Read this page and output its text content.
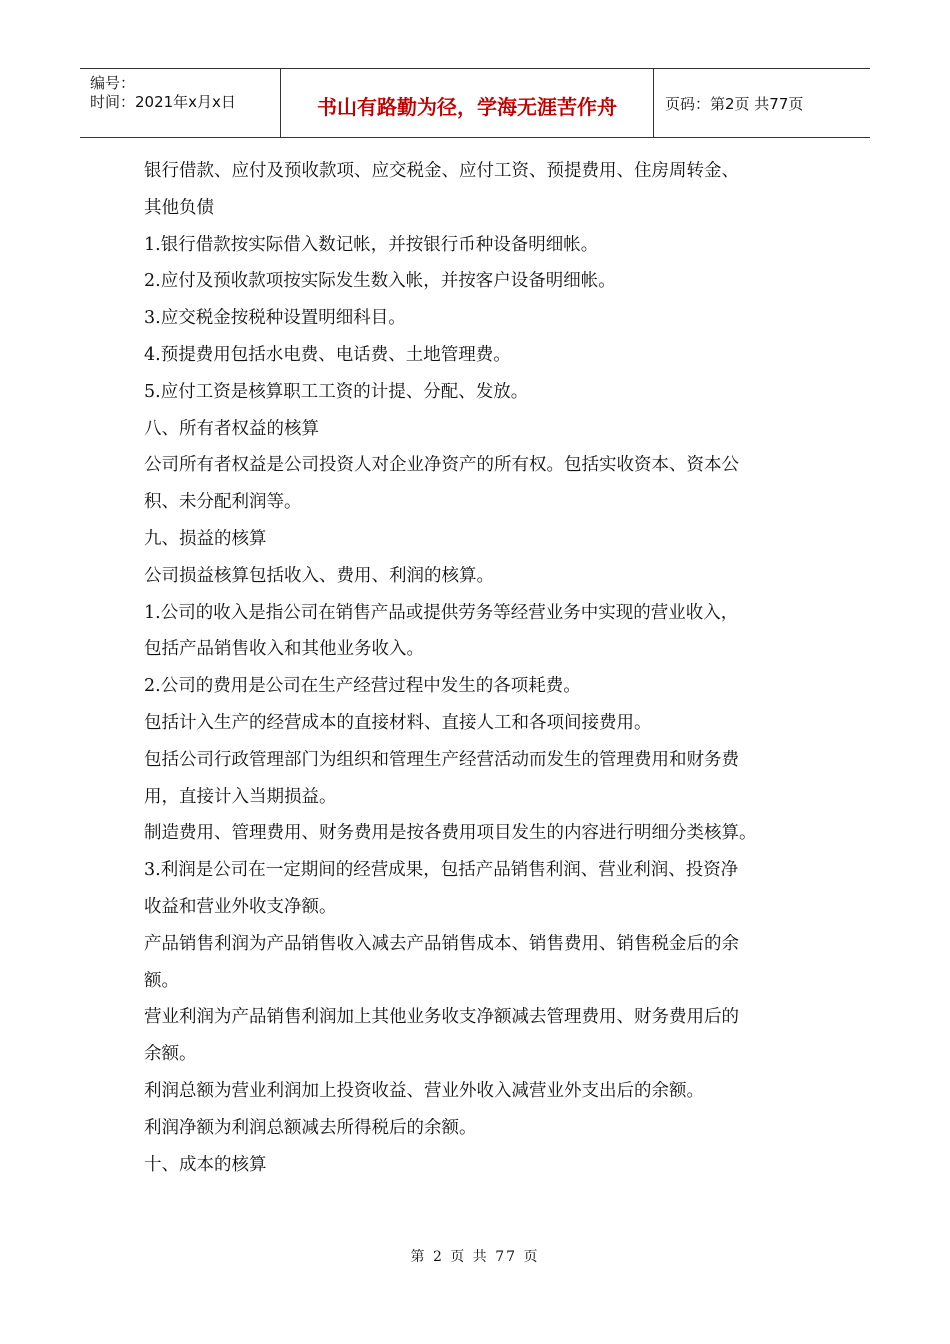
编号：
时间：2021年x月x日	书山有路勤为径，学海无涯苦作舟	页码：第2页 共77页
银行借款、应付及预收款项、应交税金、应付工资、预提费用、住房周转金、
其他负债
1.银行借款按实际借入数记帐，并按银行币种设备明细帐。
2.应付及预收款项按实际发生数入帐，并按客户设备明细帐。
3.应交税金按税种设置明细科目。
4.预提费用包括水电费、电话费、土地管理费。
5.应付工资是核算职工工资的计提、分配、发放。
八、所有者权益的核算
公司所有者权益是公司投资人对企业净资产的所有权。包括实收资本、资本公
积、未分配利润等。
九、损益的核算
公司损益核算包括收入、费用、利润的核算。
1.公司的收入是指公司在销售产品或提供劳务等经营业务中实现的营业收入，
包括产品销售收入和其他业务收入。
2.公司的费用是公司在生产经营过程中发生的各项耗费。
包括计入生产的经营成本的直接材料、直接人工和各项间接费用。
包括公司行政管理部门为组织和管理生产经营活动而发生的管理费用和财务费
用，直接计入当期损益。
制造费用、管理费用、财务费用是按各费用项目发生的内容进行明细分类核算。
3.利润是公司在一定期间的经营成果，包括产品销售利润、营业利润、投资净
收益和营业外收支净额。
产品销售利润为产品销售收入减去产品销售成本、销售费用、销售税金后的余
额。
营业利润为产品销售利润加上其他业务收支净额减去管理费用、财务费用后的
余额。
利润总额为营业利润加上投资收益、营业外收入减营业外支出后的余额。
利润净额为利润总额减去所得税后的余额。
十、成本的核算
第 2 页 共 77 页
